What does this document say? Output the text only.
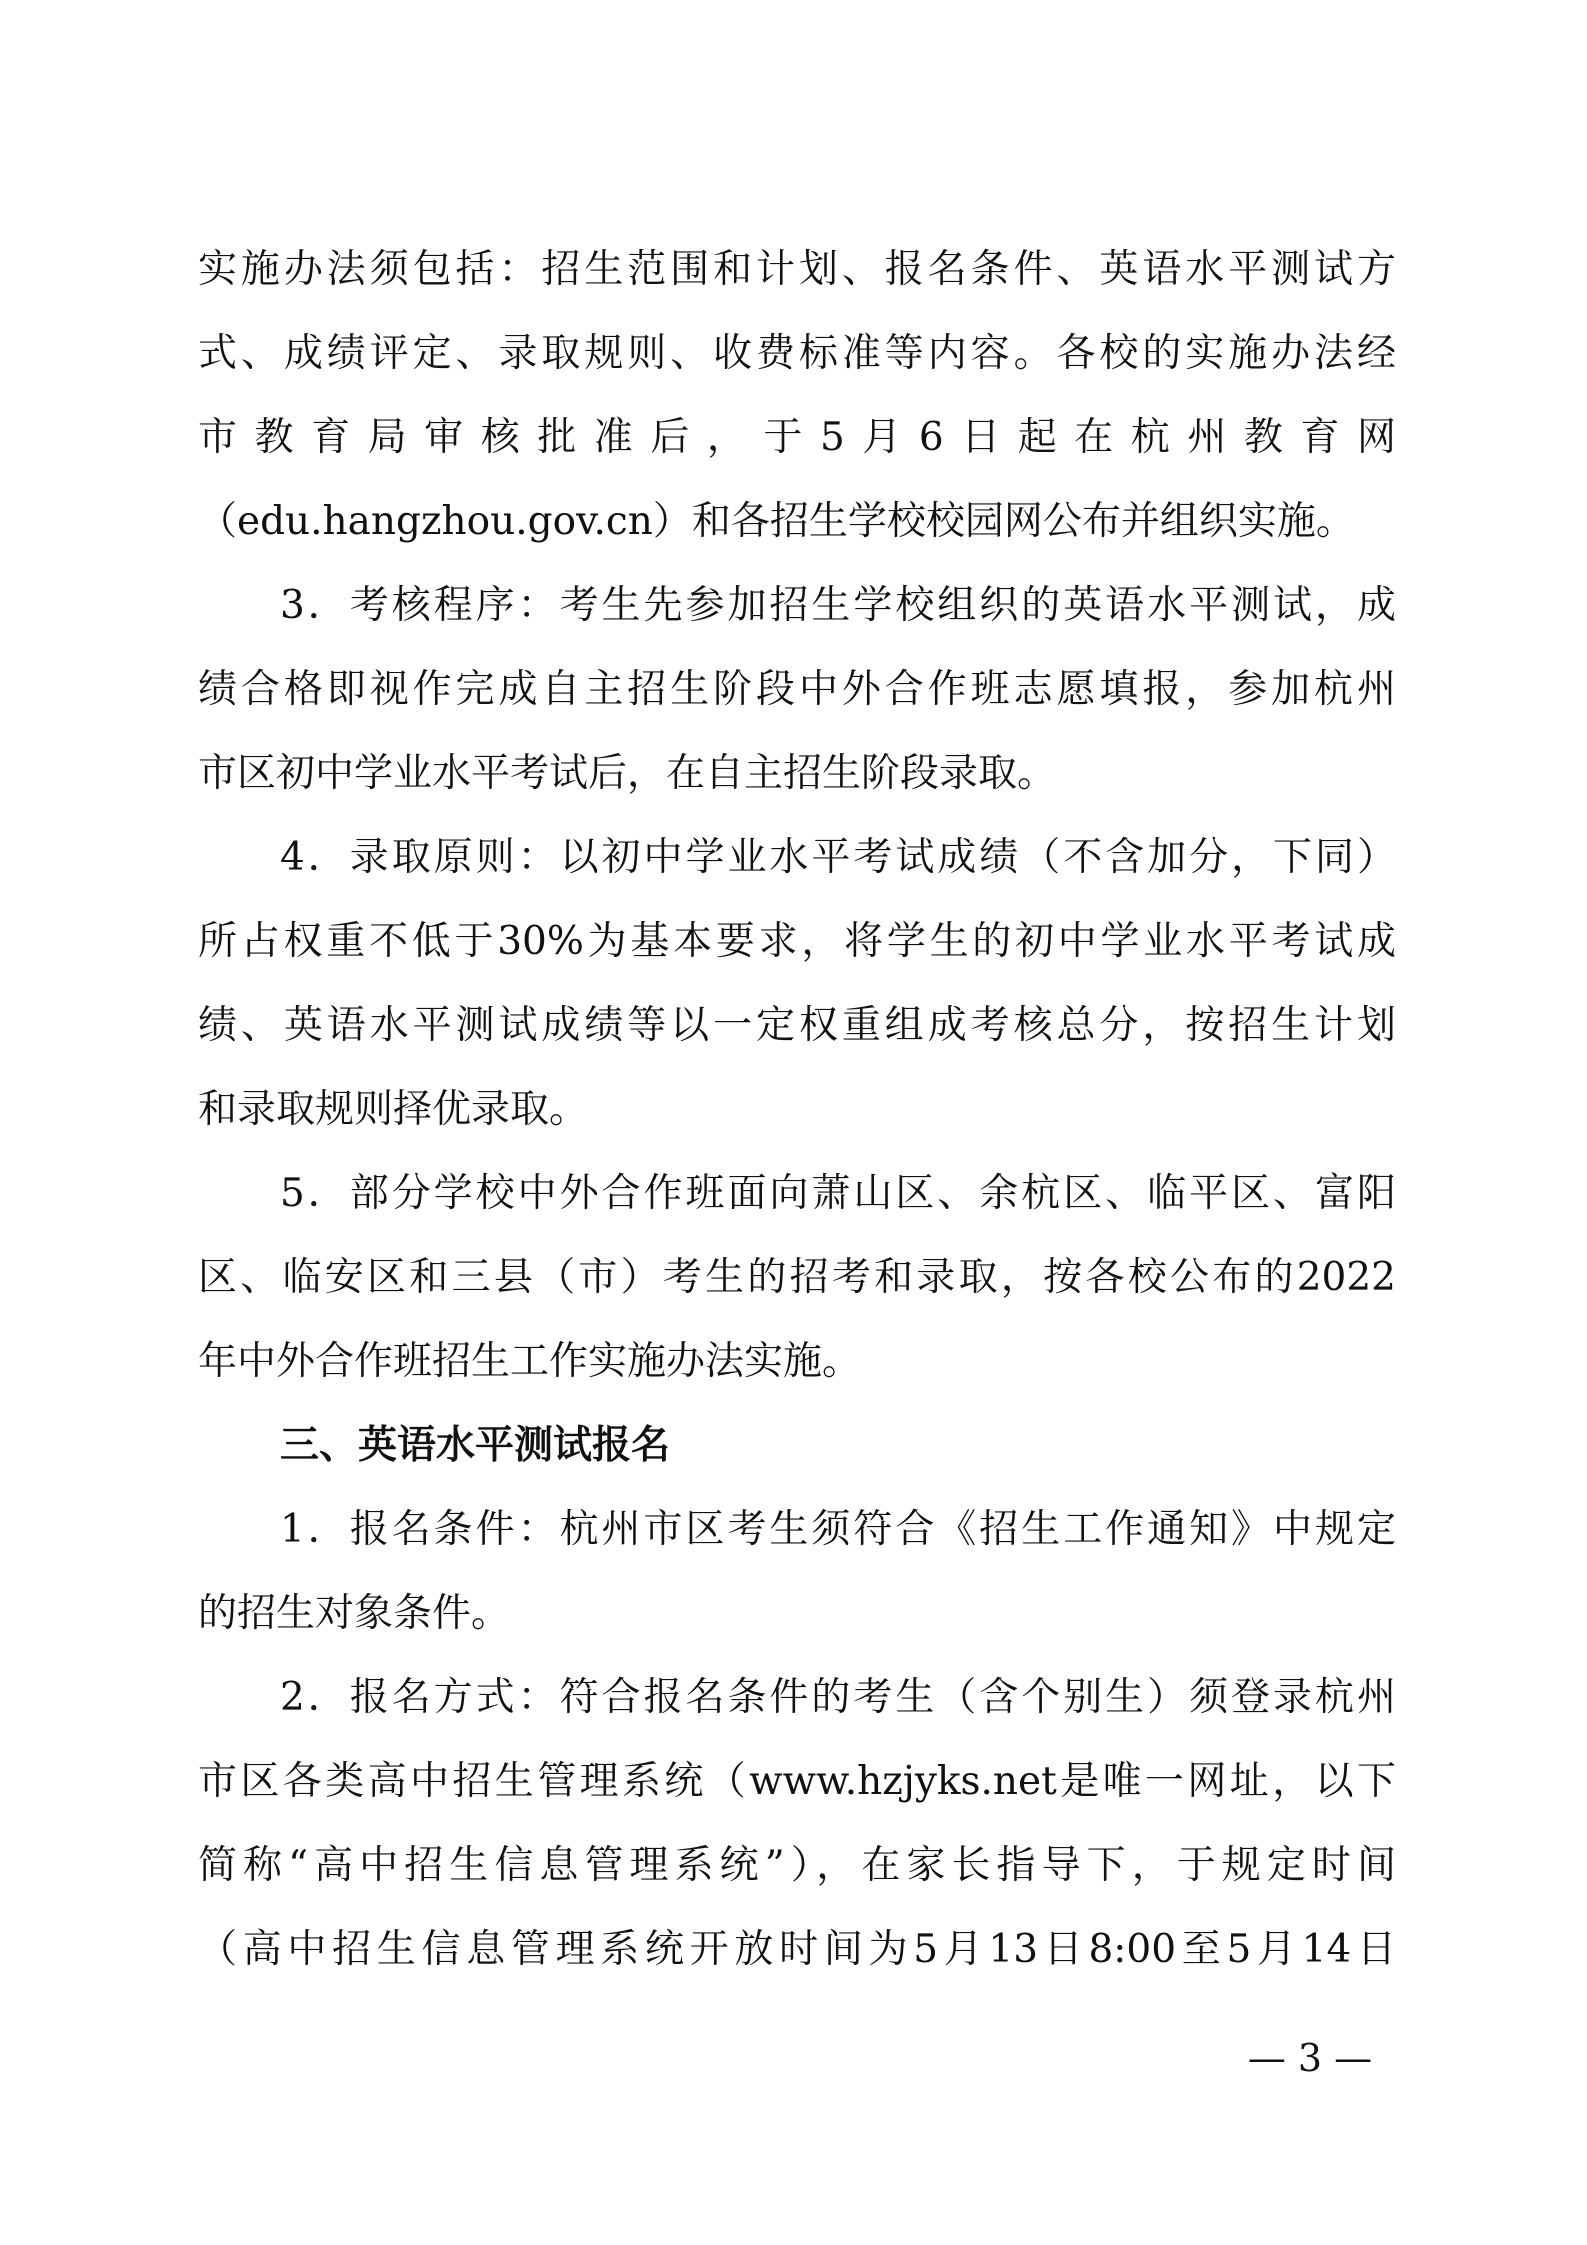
实施办法须包括：招生范围和计划、报名条件、英语水平测试方
式、成绩评定、录取规则、收费标准等内容。各校的实施办法经
市教育局审核批准后，于5月6日起在杭州教育网
（edu.hangzhou.gov.cn）和各招生学校校园网公布并组织实施。
3．考核程序：考生先参加招生学校组织的英语水平测试，成
绩合格即视作完成自主招生阶段中外合作班志愿填报，参加杭州
市区初中学业水平考试后，在自主招生阶段录取。
4．录取原则：以初中学业水平考试成绩（不含加分，下同）
所占权重不低于30%为基本要求，将学生的初中学业水平考试成
绩、英语水平测试成绩等以一定权重组成考核总分，按招生计划
和录取规则择优录取。
5．部分学校中外合作班面向萧山区、余杭区、临平区、富阳
区、临安区和三县（市）考生的招考和录取，按各校公布的2022
年中外合作班招生工作实施办法实施。
三、英语水平测试报名
1．报名条件：杭州市区考生须符合《招生工作通知》中规定
的招生对象条件。
2．报名方式：符合报名条件的考生（含个别生）须登录杭州
市区各类高中招生管理系统（www.hzjyks.net是唯一网址，以下
简称“高中招生信息管理系统”），在家长指导下，于规定时间
（高中招生信息管理系统开放时间为5月13日8:00至5月14日
— 3 —
